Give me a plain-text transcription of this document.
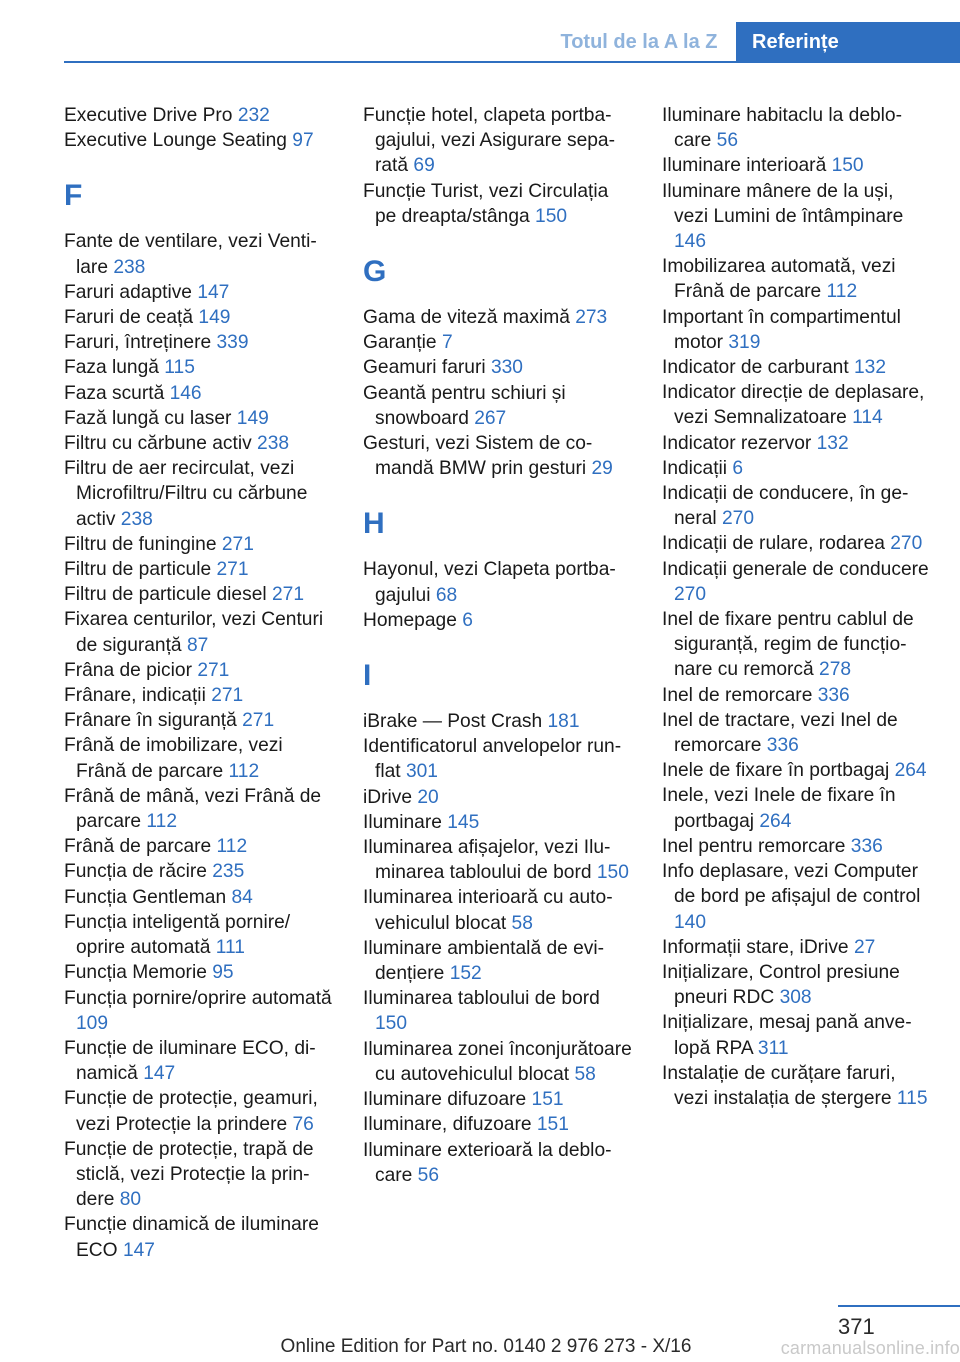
Totul de la A la Z Referințe
Executive Drive Pro 232
Executive Lounge Seating 97
F
Fante de ventilare, vezi Ventilare 238
Faruri adaptive 147
Faruri de ceață 149
Faruri, întreținere 339
Faza lungă 115
Faza scurtă 146
Fază lungă cu laser 149
Filtru cu cărbune activ 238
Filtru de aer recirculat, vezi Microfiltru/Filtru cu cărbune activ 238
Filtru de funingine 271
Filtru de particule 271
Filtru de particule diesel 271
Fixarea centurilor, vezi Centuri de siguranță 87
Frâna de picior 271
Frânare, indicații 271
Frânare în siguranță 271
Frână de imobilizare, vezi Frână de parcare 112
Frână de mână, vezi Frână de parcare 112
Frână de parcare 112
Funcția de răcire 235
Funcția Gentleman 84
Funcția inteligentă pornire/ oprire automată 111
Funcția Memorie 95
Funcția pornire/oprire automată 109
Funcție de iluminare ECO, dinamică 147
Funcție de protecție, geamuri, vezi Protecție la prindere 76
Funcție de protecție, trapă de sticlă, vezi Protecție la prindere 80
Funcție dinamică de iluminare ECO 147
Funcție hotel, clapeta portbagajului, vezi Asigurare separată 69
Funcție Turist, vezi Circulația pe dreapta/stânga 150
G
Gama de viteză maximă 273
Garanție 7
Geamuri faruri 330
Geantă pentru schiuri și snowboard 267
Gesturi, vezi Sistem de comandă BMW prin gesturi 29
H
Hayonul, vezi Clapeta portbagajului 68
Homepage 6
I
iBrake — Post Crash 181
Identificatorul anvelopelor run-flat 301
iDrive 20
Iluminare 145
Iluminarea afișajelor, vezi Iluminarea tabloului de bord 150
Iluminarea interioară cu autovehiculul blocat 58
Iluminare ambientală de evidențiere 152
Iluminarea tabloului de bord 150
Iluminarea zonei înconjurătoare cu autovehiculul blocat 58
Iluminare difuzoare 151
Iluminare, difuzoare 151
Iluminare exterioară la deblocare 56
Iluminare habitaclu la deblocare 56
Iluminare interioară 150
Iluminare mânere de la uși, vezi Lumini de întâmpinare 146
Imobilizarea automată, vezi Frână de parcare 112
Important în compartimentul motor 319
Indicator de carburant 132
Indicator direcție de deplasare, vezi Semnalizatoare 114
Indicator rezervor 132
Indicații 6
Indicații de conducere, în general 270
Indicații de rulare, rodarea 270
Indicații generale de conducere 270
Inel de fixare pentru cablul de siguranță, regim de funcționare cu remorcă 278
Inel de remorcare 336
Inel de tractare, vezi Inel de remorcare 336
Inele de fixare în portbagaj 264
Inele, vezi Inele de fixare în portbagaj 264
Inel pentru remorcare 336
Info deplasare, vezi Computer de bord pe afișajul de control 140
Informații stare, iDrive 27
Inițializare, Control presiune pneuri RDC 308
Inițializare, mesaj pană anvelopă RPA 311
Instalație de curățare faruri, vezi instalația de ștergere 115
371
Online Edition for Part no. 0140 2 976 273 - X/16	carmanualsonline.info
